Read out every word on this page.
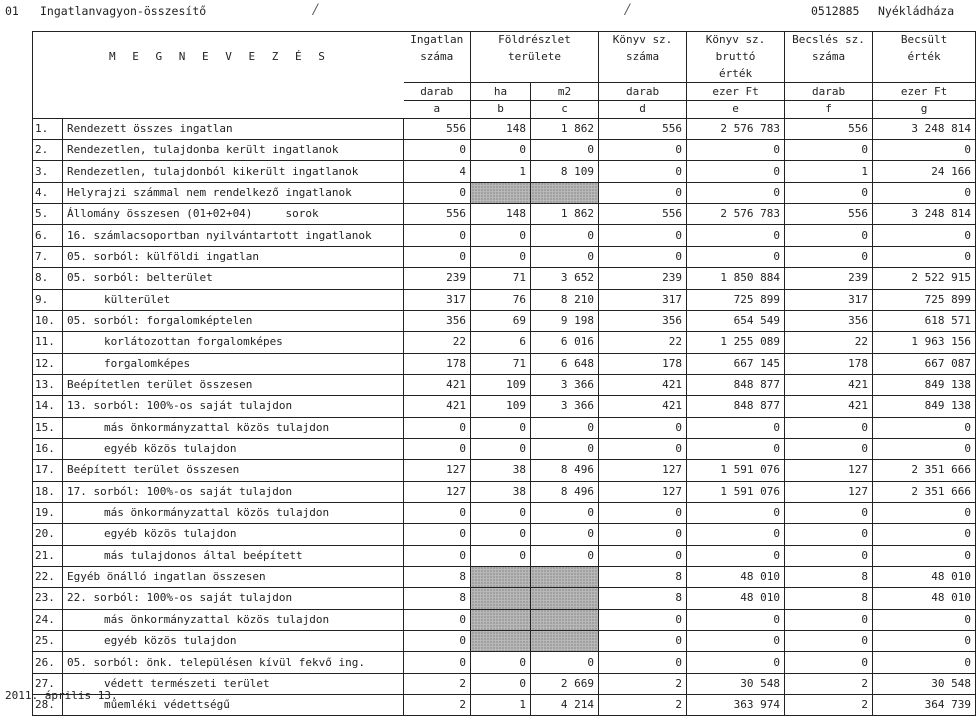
01 Ingatlanvagyon-összesítő	/	/	0512885 Nyékládháza
M E G N E V E Z É S		Ingatlan	Földrészlet		Könyv sz.	Könyv sz.	Becslés sz.	Becsült
		száma	területe		száma	bruttó	száma	érték
						érték		
		darab	ha	m2	darab	ezer Ft	darab	ezer Ft
		a	b	c	d	e	f	g
1.	Rendezett összes ingatlan	556	148	1 862	556	2 576 783	556	3 248 814
2.	Rendezetlen, tulajdonba került ingatlanok	0	0	0	0	0	0	0
3.	Rendezetlen, tulajdonból kikerült ingatlanok	4	1	8 109	0	0	1	24 166
4.	Helyrajzi számmal nem rendelkező ingatlanok	0			0	0	0	0
5.	Állomány összesen (01+02+04)     sorok	556	148	1 862	556	2 576 783	556	3 248 814
6.	16. számlacsoportban nyilvántartott ingatlanok	0	0	0	0	0	0	0
7.	05. sorból: külföldi ingatlan	0	0	0	0	0	0	0
8.	05. sorból: belterület	239	71	3 652	239	1 850 884	239	2 522 915
9.	külterület	317	76	8 210	317	725 899	317	725 899
10.	05. sorból: forgalomképtelen	356	69	9 198	356	654 549	356	618 571
11.	korlátozottan forgalomképes	22	6	6 016	22	1 255 089	22	1 963 156
12.	forgalomképes	178	71	6 648	178	667 145	178	667 087
13.	Beépítetlen terület összesen	421	109	3 366	421	848 877	421	849 138
14.	13. sorból: 100%-os saját tulajdon	421	109	3 366	421	848 877	421	849 138
15.	más önkormányzattal közös tulajdon	0	0	0	0	0	0	0
16.	egyéb közös tulajdon	0	0	0	0	0	0	0
17.	Beépített terület összesen	127	38	8 496	127	1 591 076	127	2 351 666
18.	17. sorból: 100%-os saját tulajdon	127	38	8 496	127	1 591 076	127	2 351 666
19.	más önkormányzattal közös tulajdon	0	0	0	0	0	0	0
20.	egyéb közös tulajdon	0	0	0	0	0	0	0
21.	más tulajdonos által beépített	0	0	0	0	0	0	0
22.	Egyéb önálló ingatlan összesen	8			8	48 010	8	48 010
23.	22. sorból: 100%-os saját tulajdon	8			8	48 010	8	48 010
24.	más önkormányzattal közös tulajdon	0			0	0	0	0
25.	egyéb közös tulajdon	0			0	0	0	0
26.	05. sorból: önk. településen kívül fekvő ing.	0	0	0	0	0	0	0
27.	védett természeti terület	2	0	2 669	2	30 548	2	30 548
28.	műemléki védettségű	2	1	4 214	2	363 974	2	364 739
2011. április 13.
